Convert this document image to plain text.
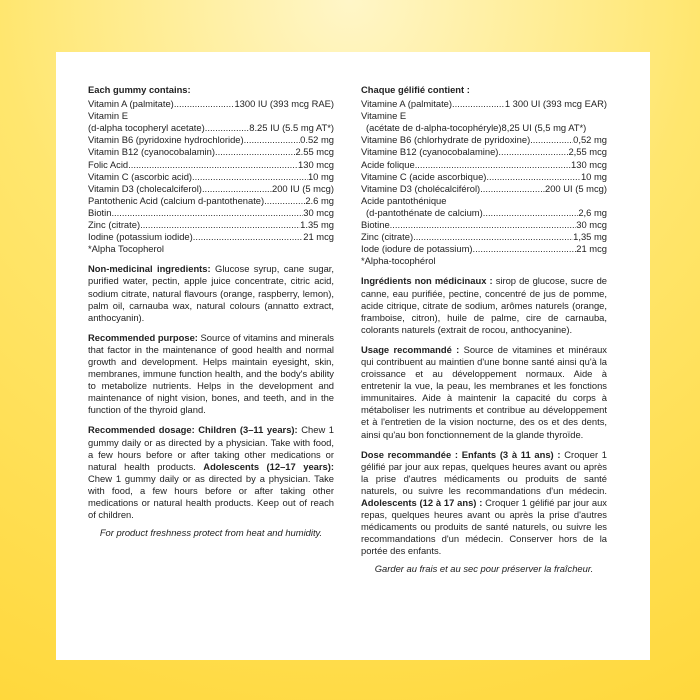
Each gummy contains:
Vitamin A (palmitate) .....	1300 IU (393 mcg RAE)
Vitamin E
(d-alpha tocopheryl acetate) .....	8.25 IU (5.5 mg AT*)
Vitamin B6 (pyridoxine hydrochloride) .....	0.52 mg
Vitamin B12 (cyanocobalamin) .....	2.55 mcg
Folic Acid .....	130 mcg
Vitamin C (ascorbic acid) .....	10 mg
Vitamin D3 (cholecalciferol) .....	200 IU (5 mcg)
Pantothenic Acid (calcium d-pantothenate) .....	2.6 mg
Biotin .....	30 mcg
Zinc (citrate) .....	1.35 mg
Iodine (potassium iodide) .....	21 mcg
*Alpha Tocopherol
Non-medicinal ingredients: Glucose syrup, cane sugar, purified water, pectin, apple juice concentrate, citric acid, sodium citrate, natural flavours (orange, raspberry, lemon), palm oil, carnauba wax, natural colours (annatto extract, anthocyanin).
Recommended purpose: Source of vitamins and minerals that factor in the maintenance of good health and normal growth and development. Helps maintain eyesight, skin, membranes, immune function health, and the body's ability to metabolize nutrients. Helps in the development and maintenance of night vision, bones, and teeth, and in the function of the thyroid gland.
Recommended dosage: Children (3–11 years): Chew 1 gummy daily or as directed by a physician. Take with food, a few hours before or after taking other medications or natural health products. Adolescents (12–17 years): Chew 1 gummy daily or as directed by a physician. Take with food, a few hours before or after taking other medications or natural health products. Keep out of reach of children.
For product freshness protect from heat and humidity.
Chaque gélifié contient :
Vitamine A (palmitate) .....	1 300 UI (393 mcg EAR)
Vitamine E
(acétate de d-alpha-tocophéryle) 8,25 UI (5,5 mg AT*)
Vitamine B6 (chlorhydrate de pyridoxine) .....	0,52 mg
Vitamine B12 (cyanocobalamine) .....	2,55 mcg
Acide folique .....	130 mcg
Vitamine C (acide ascorbique) .....	10 mg
Vitamine D3 (cholécalciférol) .....	200 UI (5 mcg)
Acide pantothénique
(d-pantothénate de calcium) .....	2,6 mg
Biotine .....	30 mcg
Zinc (citrate) .....	1,35 mg
Iode (iodure de potassium) .....	21 mcg
*Alpha-tocophérol
Ingrédients non médicinaux : sirop de glucose, sucre de canne, eau purifiée, pectine, concentré de jus de pomme, acide citrique, citrate de sodium, arômes naturels (orange, framboise, citron), huile de palme, cire de carnauba, colorants naturels (extrait de rocou, anthocyanine).
Usage recommandé : Source de vitamines et minéraux qui contribuent au maintien d'une bonne santé ainsi qu'à la croissance et au développement normaux. Aide à entretenir la vue, la peau, les membranes et les fonctions immunitaires. Aide à maintenir la capacité du corps à métaboliser les nutriments et contribue au développement et à l'entretien de la vision nocturne, des os et des dents, ainsi qu'au bon fonctionnement de la glande thyroïde.
Dose recommandée : Enfants (3 à 11 ans) : Croquer 1 gélifié par jour aux repas, quelques heures avant ou après la prise d'autres médicaments ou produits de santé naturels, ou suivre les recommandations d'un médecin. Adolescents (12 à 17 ans) : Croquer 1 gélifié par jour aux repas, quelques heures avant ou après la prise d'autres médicaments ou produits de santé naturels, ou suivre les recommandations d'un médecin. Conserver hors de la portée des enfants.
Garder au frais et au sec pour préserver la fraîcheur.
